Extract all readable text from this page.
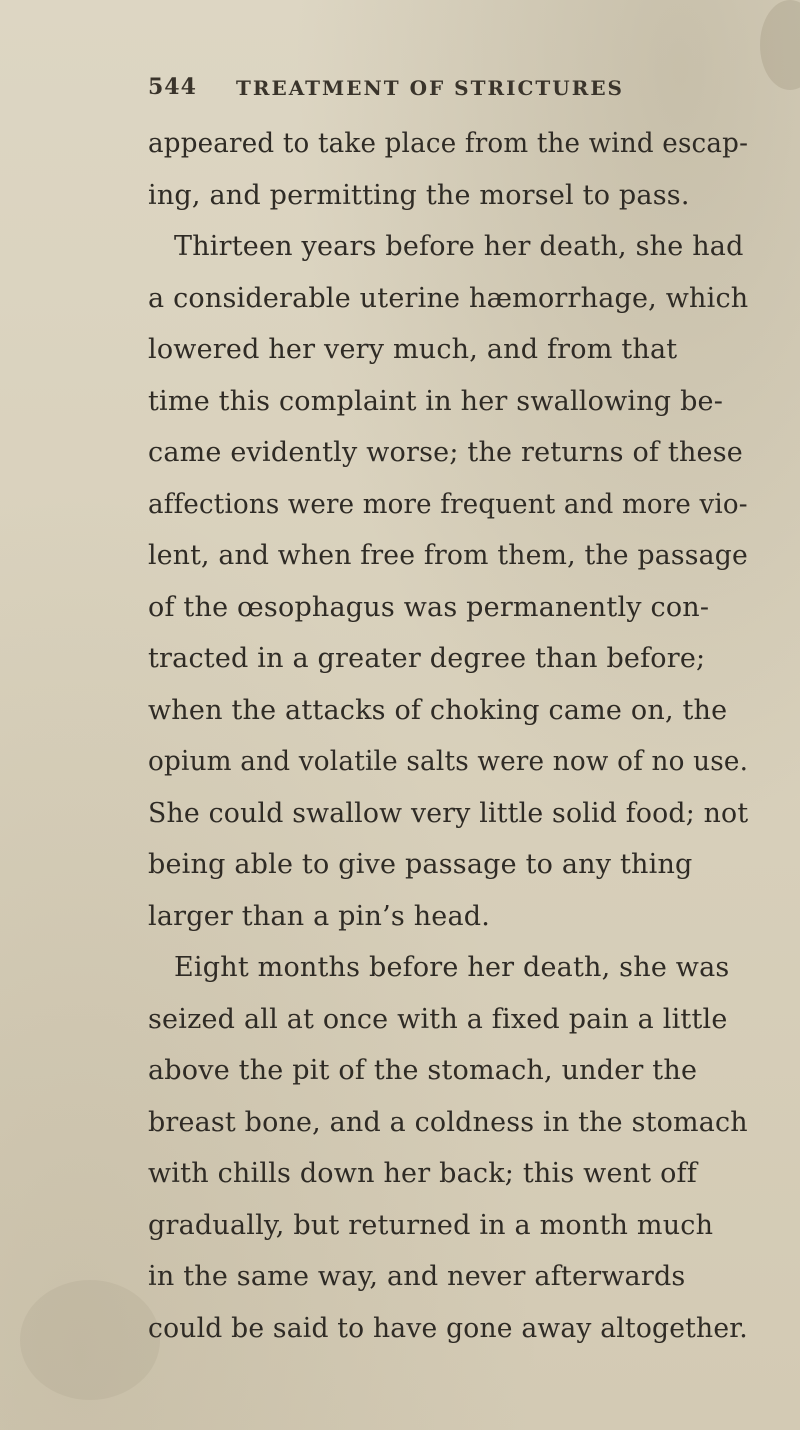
544 TREATMENT OF STRICTURES
appeared to take place from the wind escap-
ing, and permitting the morsel to pass.
Thirteen years before her death, she had
a considerable uterine hæmorrhage, which
lowered her very much, and from that
time this complaint in her swallowing be-
came evidently worse; the returns of these
affections were more frequent and more vio-
lent, and when free from them, the passage
of the œsophagus was permanently con-
tracted in a greater degree than before;
when the attacks of choking came on, the
opium and volatile salts were now of no use.
She could swallow very little solid food; not
being able to give passage to any thing
larger than a pin’s head.
Eight months before her death, she was
seized all at once with a fixed pain a little
above the pit of the stomach, under the
breast bone, and a coldness in the stomach
with chills down her back; this went off
gradually, but returned in a month much
in the same way, and never afterwards
could be said to have gone away altogether.
